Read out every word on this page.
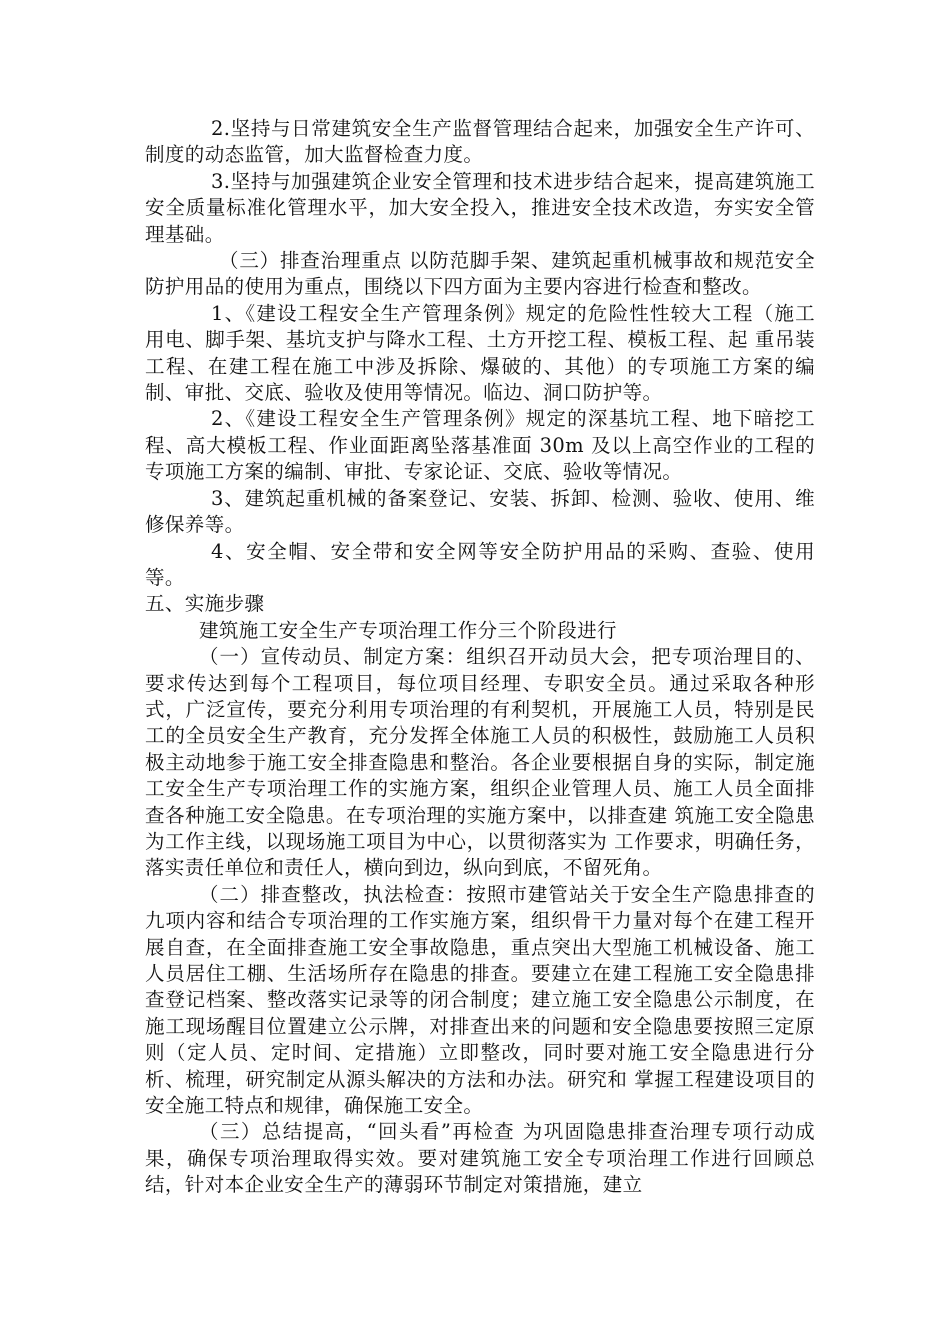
2.坚持与日常建筑安全生产监督管理结合起来，加强安全生产许可、制度的动态监管，加大监督检查力度。

3.坚持与加强建筑企业安全管理和技术进步结合起来，提高建筑施工安全质量标准化管理水平，加大安全投入，推进安全技术改造，夯实安全管理基础。

（三）排查治理重点 以防范脚手架、建筑起重机械事故和规范安全防护用品的使用为重点，围绕以下四方面为主要内容进行检查和整改。

1、《建设工程安全生产管理条例》规定的危险性性较大工程（施工 用电、脚手架、基坑支护与降水工程、土方开挖工程、模板工程、起 重吊装工程、在建工程在施工中涉及拆除、爆破的、其他）的专项施工方案的编制、审批、交底、验收及使用等情况。临边、洞口防护等。

2、《建设工程安全生产管理条例》规定的深基坑工程、地下暗挖工程、高大模板工程、作业面距离坠落基准面 30m 及以上高空作业的工程的专项施工方案的编制、审批、专家论证、交底、验收等情况。

3、建筑起重机械的备案登记、安装、拆卸、检测、验收、使用、维修保养等。

4、安全帽、安全带和安全网等安全防护用品的采购、查验、使用等。

五、实施步骤

建筑施工安全生产专项治理工作分三个阶段进行

（一）宣传动员、制定方案：组织召开动员大会，把专项治理目的、要求传达到每个工程项目，每位项目经理、专职安全员。通过采取各种形式，广泛宣传，要充分利用专项治理的有利契机，开展施工人员，特别是民工的全员安全生产教育，充分发挥全体施工人员的积极性，鼓励施工人员积极主动地参于施工安全排查隐患和整治。各企业要根据自身的实际，制定施工安全生产专项治理工作的实施方案，组织企业管理人员、施工人员全面排查各种施工安全隐患。在专项治理的实施方案中，以排查建 筑施工安全隐患为工作主线，以现场施工项目为中心，以贯彻落实为 工作要求，明确任务，落实责任单位和责任人，横向到边，纵向到底，不留死角。

（二）排查整改，执法检查：按照市建管站关于安全生产隐患排查的九项内容和结合专项治理的工作实施方案，组织骨干力量对每个在建工程开展自查，在全面排查施工安全事故隐患，重点突出大型施工机械设备、施工人员居住工棚、生活场所存在隐患的排查。要建立在建工程施工安全隐患排查登记档案、整改落实记录等的闭合制度；建立施工安全隐患公示制度，在施工现场醒目位置建立公示牌，对排查出来的问题和安全隐患要按照三定原则（定人员、定时间、定措施）立即整改，同时要对施工安全隐患进行分析、梳理，研究制定从源头解决的方法和办法。研究和 掌握工程建设项目的安全施工特点和规律，确保施工安全。

（三）总结提高，“回头看”再检查 为巩固隐患排查治理专项行动成果，确保专项治理取得实效。要对建筑施工安全专项治理工作进行回顾总结，针对本企业安全生产的薄弱环节制定对策措施，建立
